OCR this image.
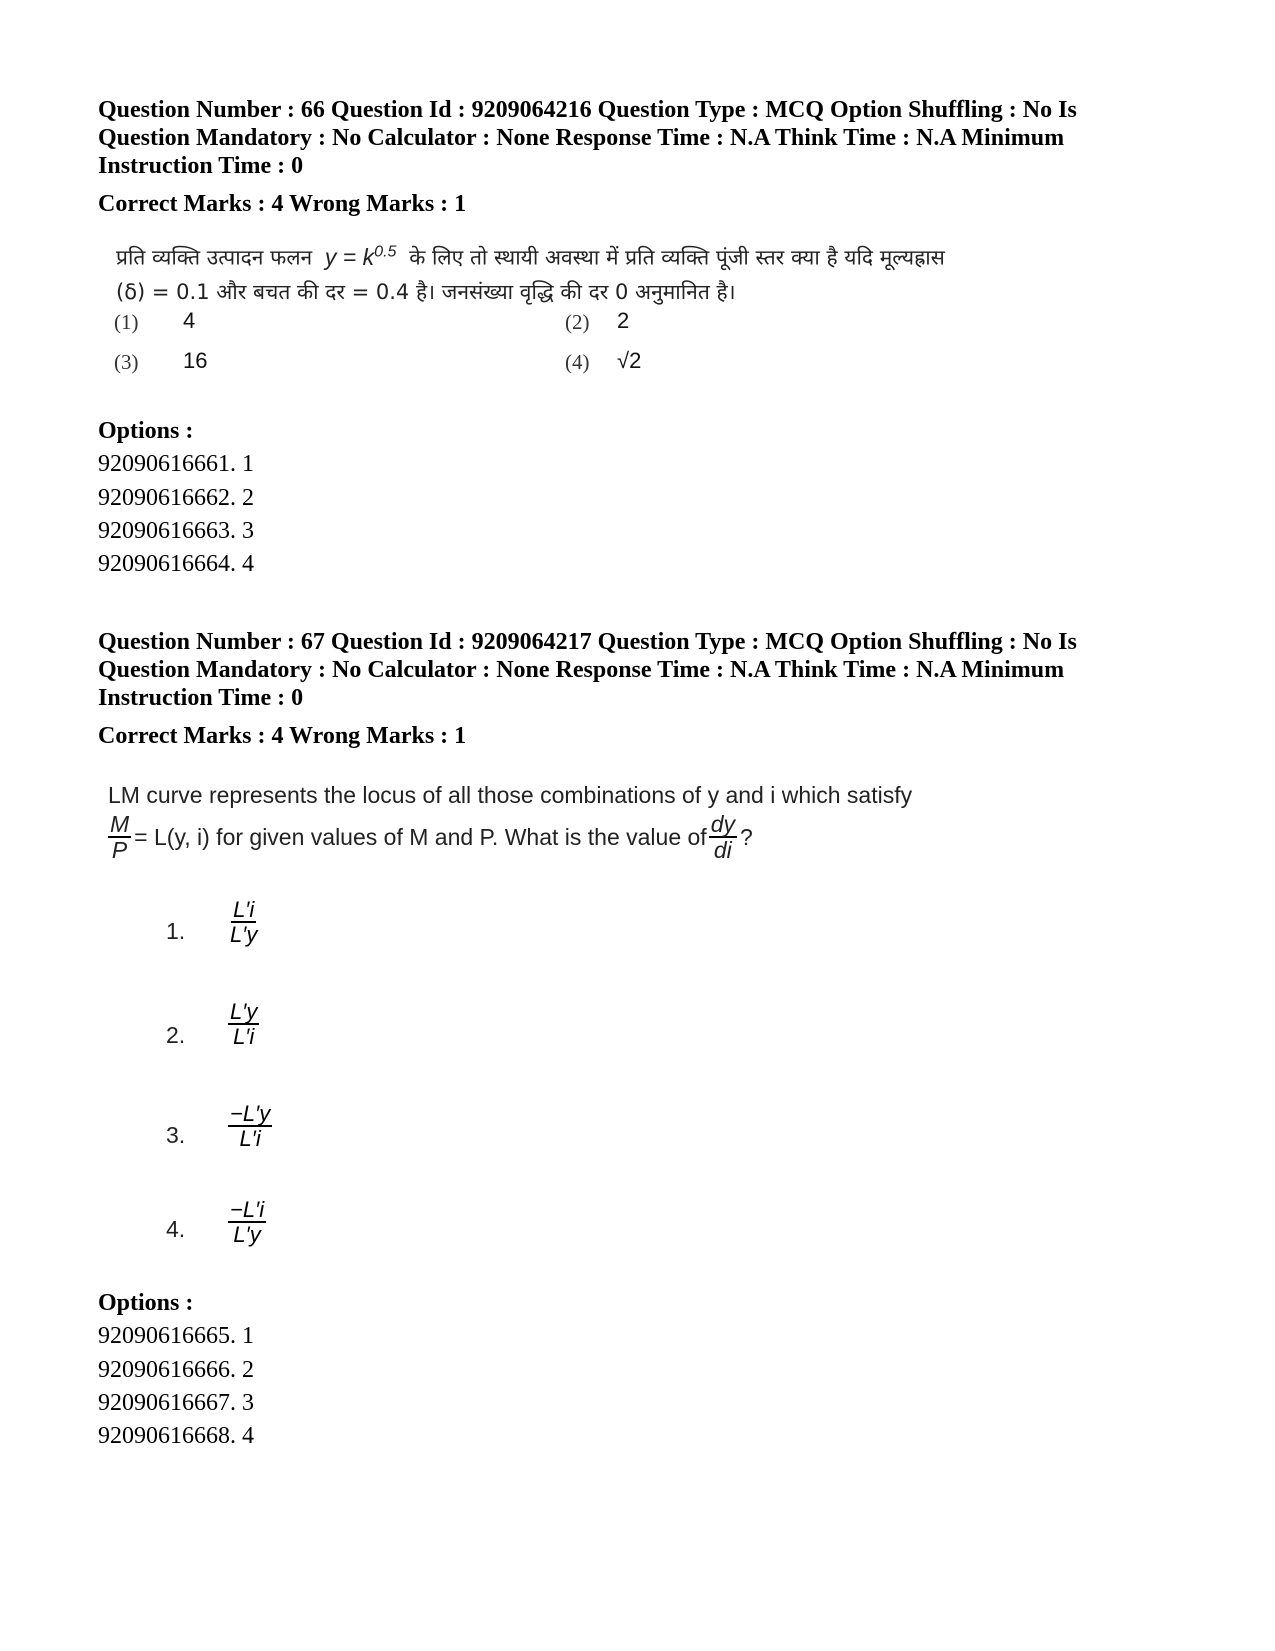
Question Number : 66 Question Id : 9209064216 Question Type : MCQ Option Shuffling : No Is
Question Mandatory : No Calculator : None Response Time : N.A Think Time : N.A Minimum
Instruction Time : 0
Correct Marks : 4 Wrong Marks : 1
प्रति व्यक्ति उत्पादन फलन $y = k^{0.5}$ के लिए तो स्थायी अवस्था में प्रति व्यक्ति पूंजी स्तर क्या है यदि मूल्यह्रास
(δ) = 0.1 और बचत की दर = 0.4 है। जनसंख्या वृद्धि की दर 0 अनुमानित है।
(1) 4	(2) 2
(3) 16	(4) √2
Options :
92090616661. 1
92090616662. 2
92090616663. 3
92090616664. 4
Question Number : 67 Question Id : 9209064217 Question Type : MCQ Option Shuffling : No Is
Question Mandatory : No Calculator : None Response Time : N.A Think Time : N.A Minimum
Instruction Time : 0
Correct Marks : 4 Wrong Marks : 1
LM curve represents the locus of all those combinations of y and i which satisfy
$\frac{M}{P} = L(y$, i) for given values of M and P. What is the value of $\frac{dy}{di}$ ?
1. $\frac{L'i}{L'y}$
2. $\frac{L'y}{L'i}$
3. $\frac{-L'y}{L'i}$
4. $\frac{-L'i}{L'y}$
Options :
92090616665. 1
92090616666. 2
92090616667. 3
92090616668. 4
